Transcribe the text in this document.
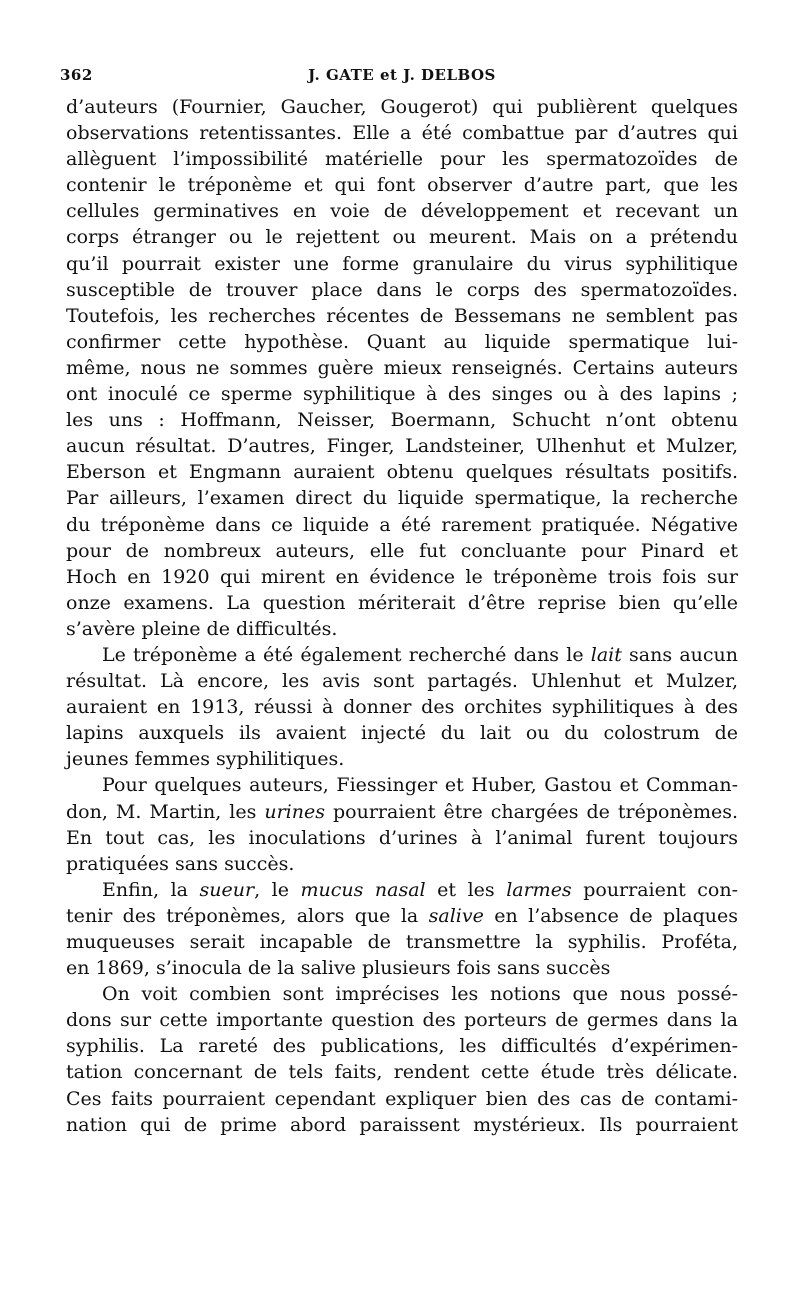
362	J. GATE et J. DELBOS
d’auteurs (Fournier, Gaucher, Gougerot) qui publièrent quelques
observations retentissantes. Elle a été combattue par d’autres qui
allèguent l’impossibilité matérielle pour les spermatozoïdes de
contenir le tréponème et qui font observer d’autre part, que les
cellules germinatives en voie de développement et recevant un
corps étranger ou le rejettent ou meurent. Mais on a prétendu
qu’il pourrait exister une forme granulaire du virus syphilitique
susceptible de trouver place dans le corps des spermatozoïdes.
Toutefois, les recherches récentes de Bessemans ne semblent pas
confirmer cette hypothèse. Quant au liquide spermatique lui-
même, nous ne sommes guère mieux renseignés. Certains auteurs
ont inoculé ce sperme syphilitique à des singes ou à des lapins ;
les uns : Hoffmann, Neisser, Boermann, Schucht n’ont obtenu
aucun résultat. D’autres, Finger, Landsteiner, Ulhenhut et Mulzer,
Eberson et Engmann auraient obtenu quelques résultats positifs.
Par ailleurs, l’examen direct du liquide spermatique, la recherche
du tréponème dans ce liquide a été rarement pratiquée. Négative
pour de nombreux auteurs, elle fut concluante pour Pinard et
Hoch en 1920 qui mirent en évidence le tréponème trois fois sur
onze examens. La question mériterait d’être reprise bien qu’elle
s’avère pleine de difficultés.
Le tréponème a été également recherché dans le lait sans aucun
résultat. Là encore, les avis sont partagés. Uhlenhut et Mulzer,
auraient en 1913, réussi à donner des orchites syphilitiques à des
lapins auxquels ils avaient injecté du lait ou du colostrum de
jeunes femmes syphilitiques.
Pour quelques auteurs, Fiessinger et Huber, Gastou et Comman-
don, M. Martin, les urines pourraient être chargées de tréponèmes.
En tout cas, les inoculations d’urines à l’animal furent toujours
pratiquées sans succès.
Enfin, la sueur, le mucus nasal et les larmes pourraient con-
tenir des tréponèmes, alors que la salive en l’absence de plaques
muqueuses serait incapable de transmettre la syphilis. Proféta,
en 1869, s’inocula de la salive plusieurs fois sans succès
On voit combien sont imprécises les notions que nous possé-
dons sur cette importante question des porteurs de germes dans la
syphilis. La rareté des publications, les difficultés d’expérimen-
tation concernant de tels faits, rendent cette étude très délicate.
Ces faits pourraient cependant expliquer bien des cas de contami-
nation qui de prime abord paraissent mystérieux. Ils pourraient
